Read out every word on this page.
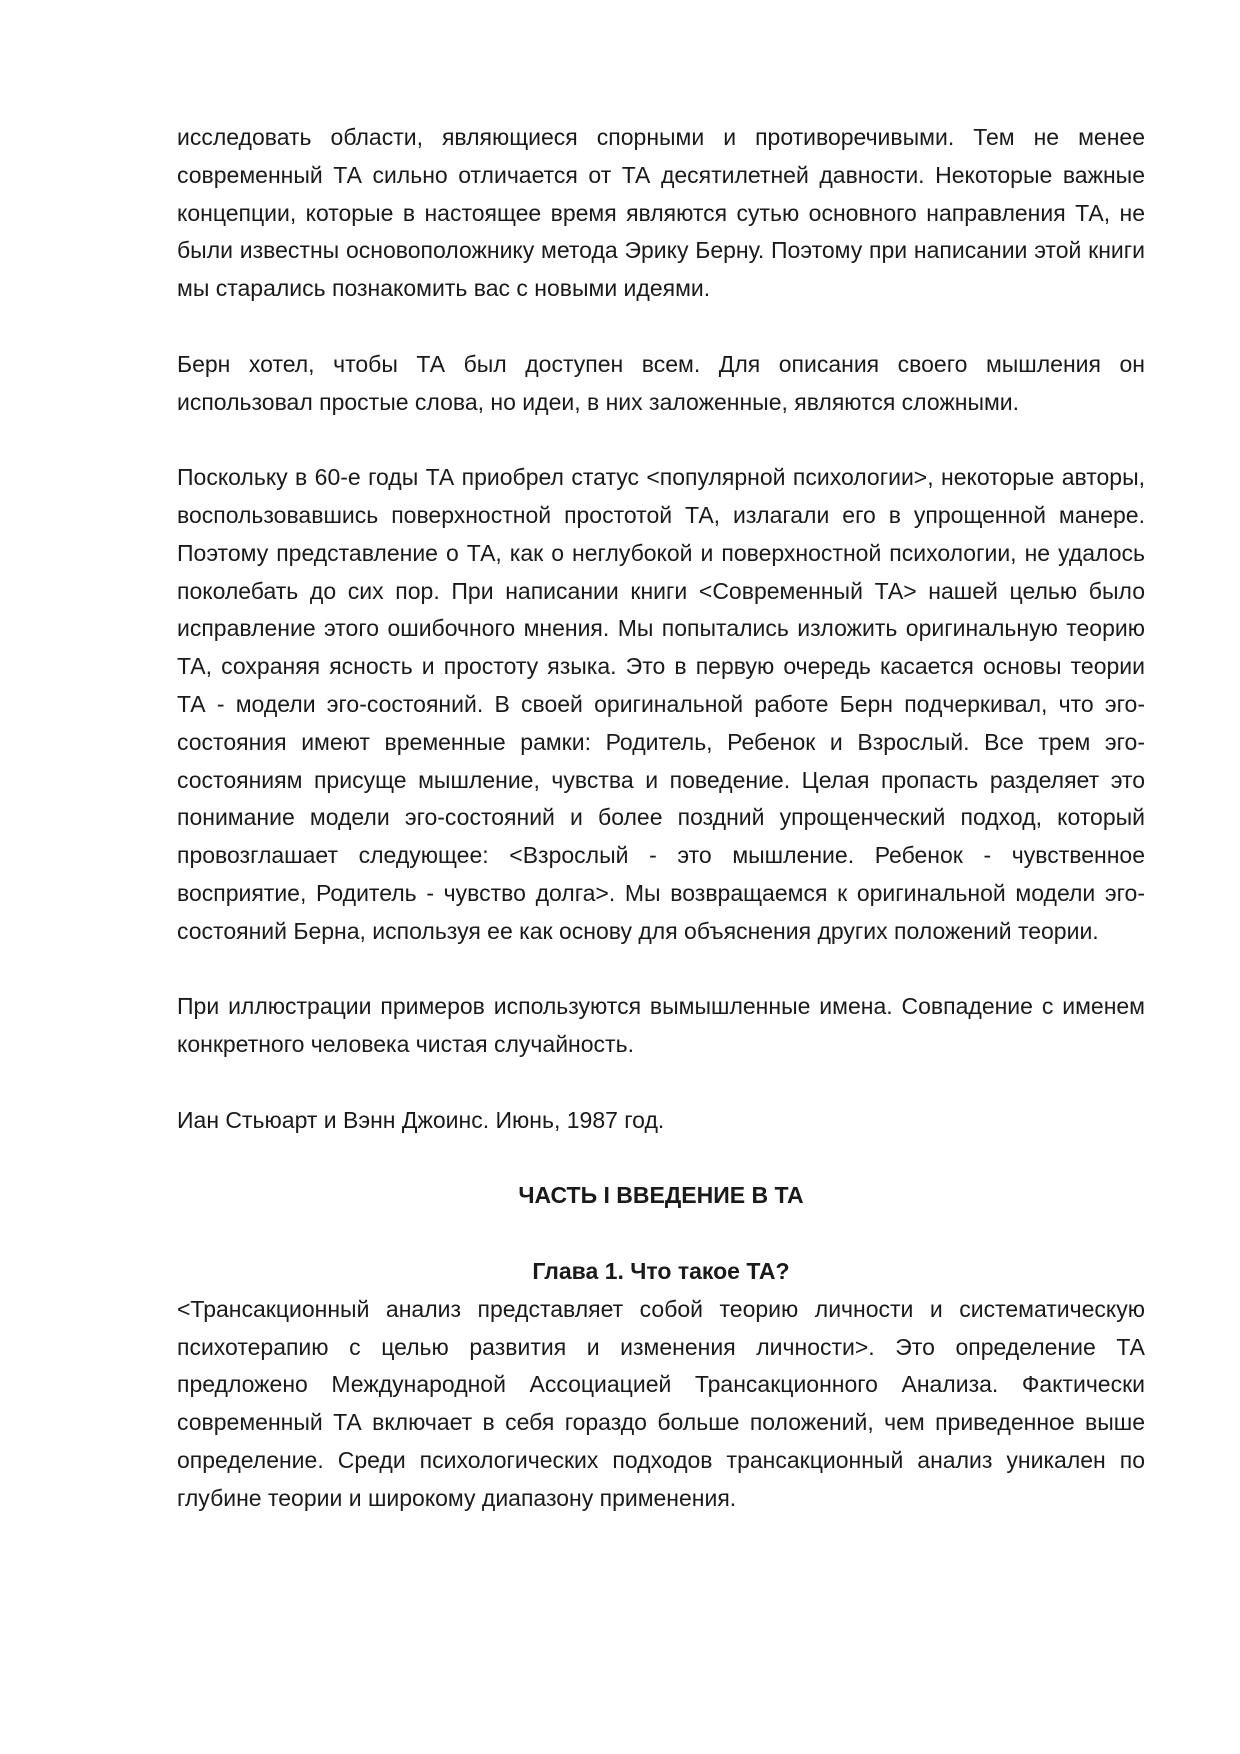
исследовать области, являющиеся спорными и противоречивыми. Тем не менее современный ТА сильно отличается от ТА десятилетней давности. Некоторые важные концепции, которые в настоящее время являются сутью основного направления ТА, не были известны основоположнику метода Эрику Берну. Поэтому при написании этой книги мы старались познакомить вас с новыми идеями.

Берн хотел, чтобы ТА был доступен всем. Для описания своего мышления он использовал простые слова, но идеи, в них заложенные, являются сложными.

Поскольку в 60-е годы ТА приобрел статус <популярной психологии>, некоторые авторы, воспользовавшись поверхностной простотой ТА, излагали его в упрощенной манере. Поэтому представление о ТА, как о неглубокой и поверхностной психологии, не удалось поколебать до сих пор. При написании книги <Современный ТА> нашей целью было исправление этого ошибочного мнения. Мы попытались изложить оригинальную теорию ТА, сохраняя ясность и простоту языка. Это в первую очередь касается основы теории ТА - модели эго-состояний. В своей оригинальной работе Берн подчеркивал, что эго-состояния имеют временные рамки: Родитель, Ребенок и Взрослый. Все трем эго-состояниям присуще мышление, чувства и поведение. Целая пропасть разделяет это понимание модели эго-состояний и более поздний упрощенческий подход, который провозглашает следующее: <Взрослый - это мышление. Ребенок - чувственное восприятие, Родитель - чувство долга>. Мы возвращаемся к оригинальной модели эго-состояний Берна, используя ее как основу для объяснения других положений теории.

При иллюстрации примеров используются вымышленные имена. Совпадение с именем конкретного человека чистая случайность.

Иан Стьюарт и Вэнн Джоинс. Июнь, 1987 год.

ЧАСТЬ I ВВЕДЕНИЕ В ТА

Глава 1. Что такое ТА?

<Трансакционный анализ представляет собой теорию личности и систематическую психотерапию с целью развития и изменения личности>. Это определение ТА предложено Международной Ассоциацией Трансакционного Анализа. Фактически современный ТА включает в себя гораздо больше положений, чем приведенное выше определение. Среди психологических подходов трансакционный анализ уникален по глубине теории и широкому диапазону применения.
